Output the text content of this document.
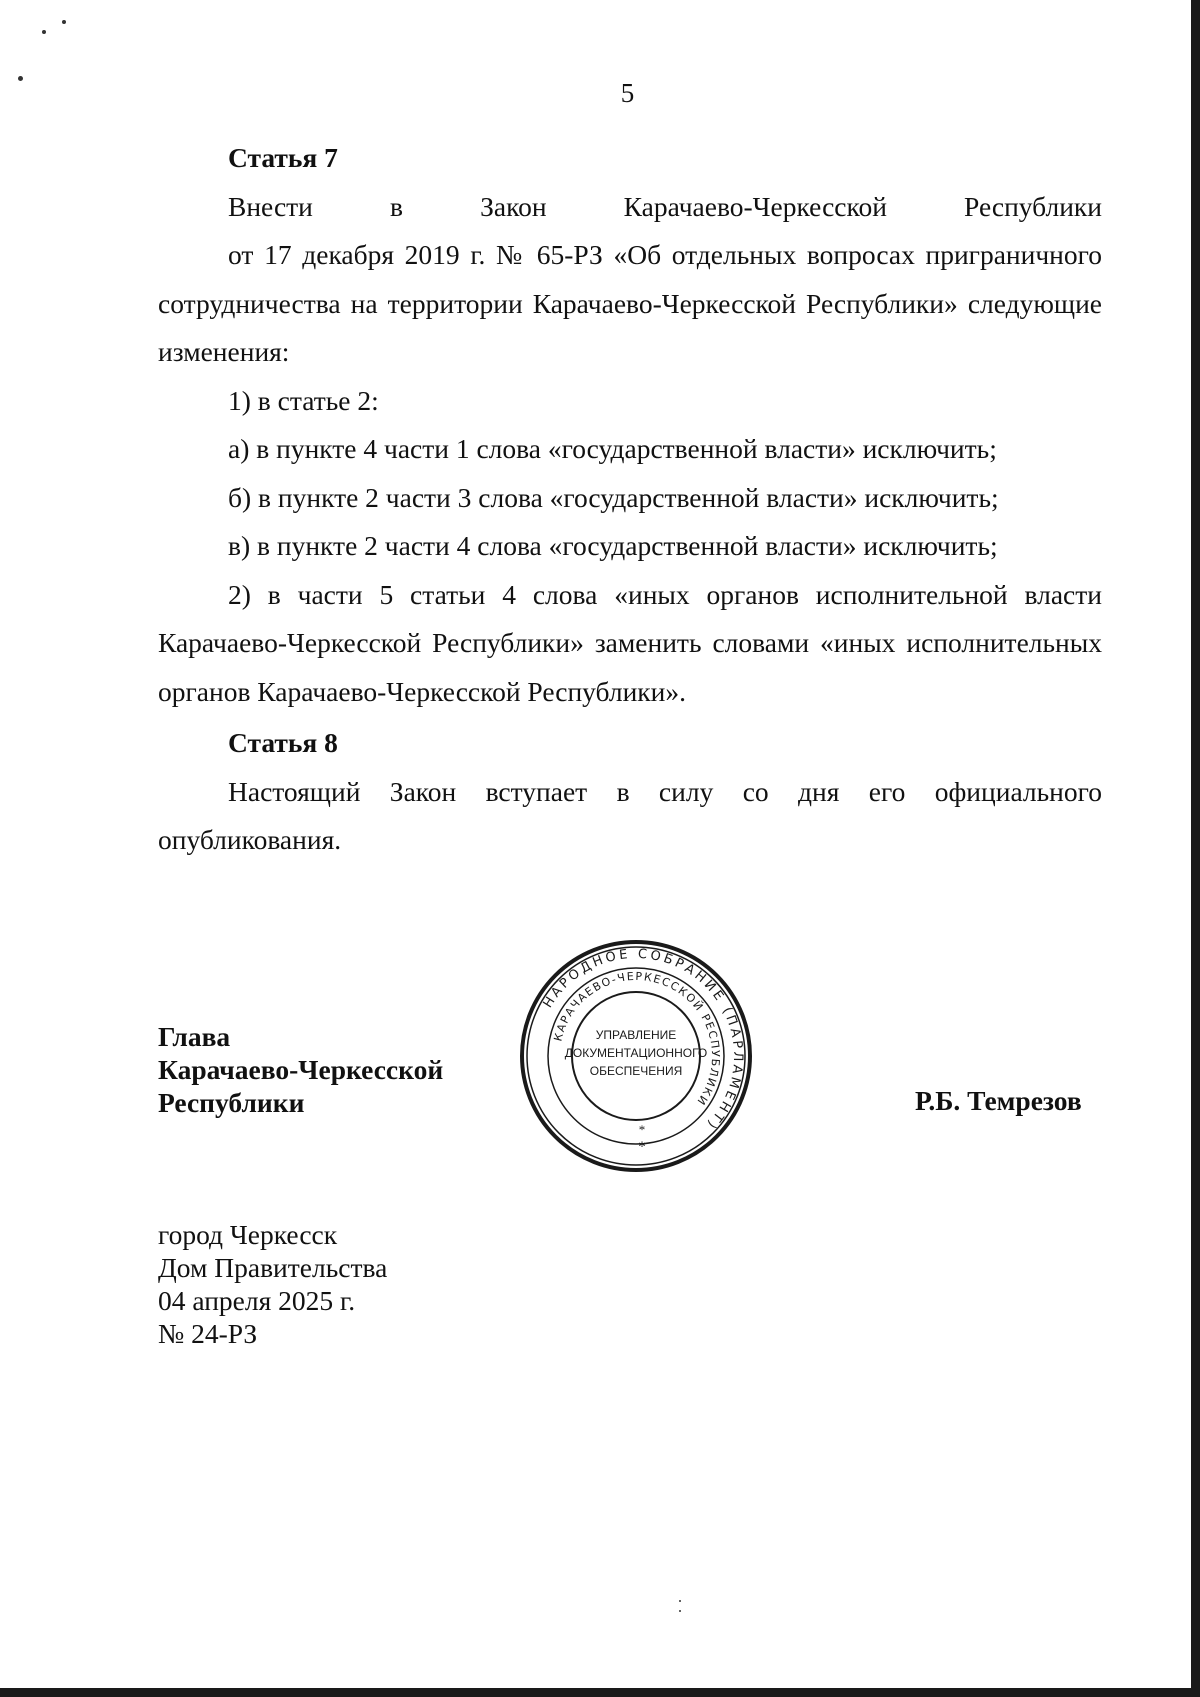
5

Статья 7

Внести в Закон Карачаево-Черкесской Республики
от 17 декабря 2019 г. № 65-РЗ «Об отдельных вопросах приграничного сотрудничества на территории Карачаево-Черкесской Республики» следующие изменения:

1) в статье 2:

а) в пункте 4 части 1 слова «государственной власти» исключить;

б) в пункте 2 части 3 слова «государственной власти» исключить;

в) в пункте 2 части 4 слова «государственной власти» исключить;

2) в части 5 статьи 4 слова «иных органов исполнительной власти Карачаево-Черкесской Республики» заменить словами «иных исполнительных органов Карачаево-Черкесской Республики».

Статья 8

Настоящий Закон вступает в силу со дня его официального опубликования.

Глава

Карачаево-Черкесской

Республики

НАРОДНОЕ СОБРАНИЕ (ПАРЛАМЕНТ)
КАРАЧАЕВО-ЧЕРКЕССКОЙ РЕСПУБЛИКИ
УПРАВЛЕНИЕ
ДОКУМЕНТАЦИОННОГО
ОБЕСПЕЧЕНИЯ
*
*
Р.Б. Темрезов

город Черкесск

Дом Правительства

04 апреля 2025 г.

№ 24-РЗ
